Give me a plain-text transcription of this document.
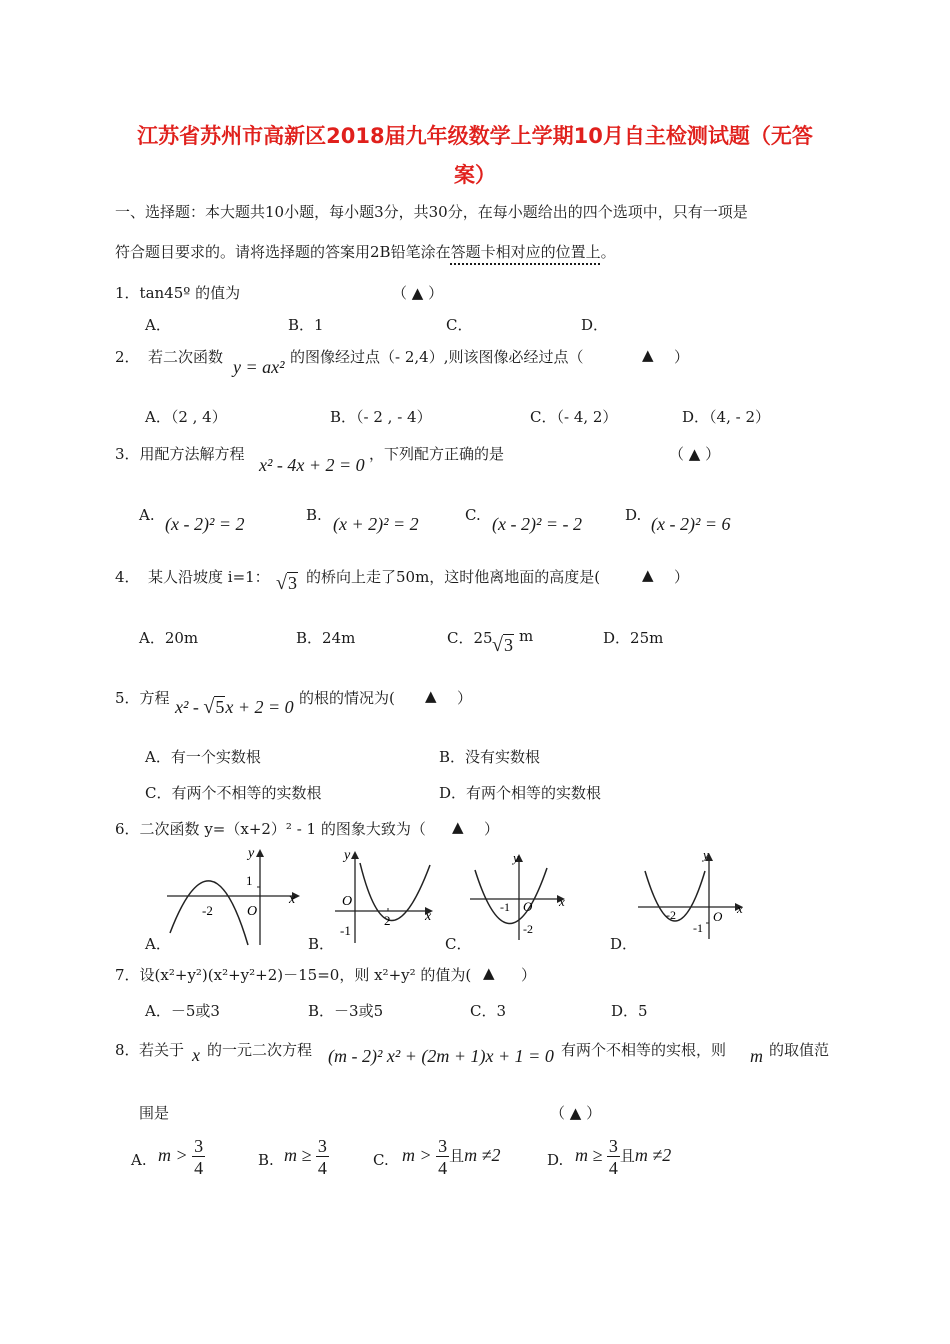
江苏省苏州市高新区2018届九年级数学上学期10月自主检测试题（无答
案）
一、选择题：本大题共10小题，每小题3分，共30分，在每小题给出的四个选项中，只有一项是
符合题目要求的。请将选择题的答案用2B铅笔涂在答题卡相对应的位置上。
1．tan45º 的值为	（ ▲ ）
A．	B．1	C．	D．
2． 若二次函数 y = ax² 的图像经过点（- 2,4）,则该图像必经过点（	▲ ）
A．（2 , 4）	B．（- 2 , - 4）	C．（- 4, 2）	D．（4, - 2）
3．用配方法解方程
x² - 4x + 2 = 0
，下列配方正确的是	（ ▲ ）
A. (x - 2)² = 2	B. (x + 2)² = 2	C. (x - 2)² = - 2	D. (x - 2)² = 6
4． 某人沿坡度 i=1： √3 的桥向上走了50m，这时他离地面的高度是(	▲ ）
A．20m	B．24m	C．25 √3 m	D．25m
5．方程 x² - √5x + 2 = 0 的根的情况为( ▲ ）
A．有一个实数根	B．没有实数根
C．有两个不相等的实数根	D．有两个相等的实数根
6．二次函数 y=（x+2）² - 1 的图象大致为（ ▲ ）
y
x
O
1
-2
A．
y
x
O
-1
2
B．
y
x
O
-1
-2
C．
y
x
O
-2
-1
D．
7．设(x²+y²)(x²+y²+2)－15=0，则 x²+y² 的值为( ▲ ）
A．－5或3	B．－3或5	C．3	D．5
8． 若关于 x 的一元二次方程 (m - 2)² x² + (2m + 1)x + 1 = 0 有两个不相等的实根，则 m 的取值范
围是	（ ▲ ）
A. $m > \frac{3}{4}$	B. $m \ge \frac{3}{4}$	C. $m > \frac{3}{4}$ 且m ≠2	D. $m \ge \frac{3}{4}$ 且m ≠2
